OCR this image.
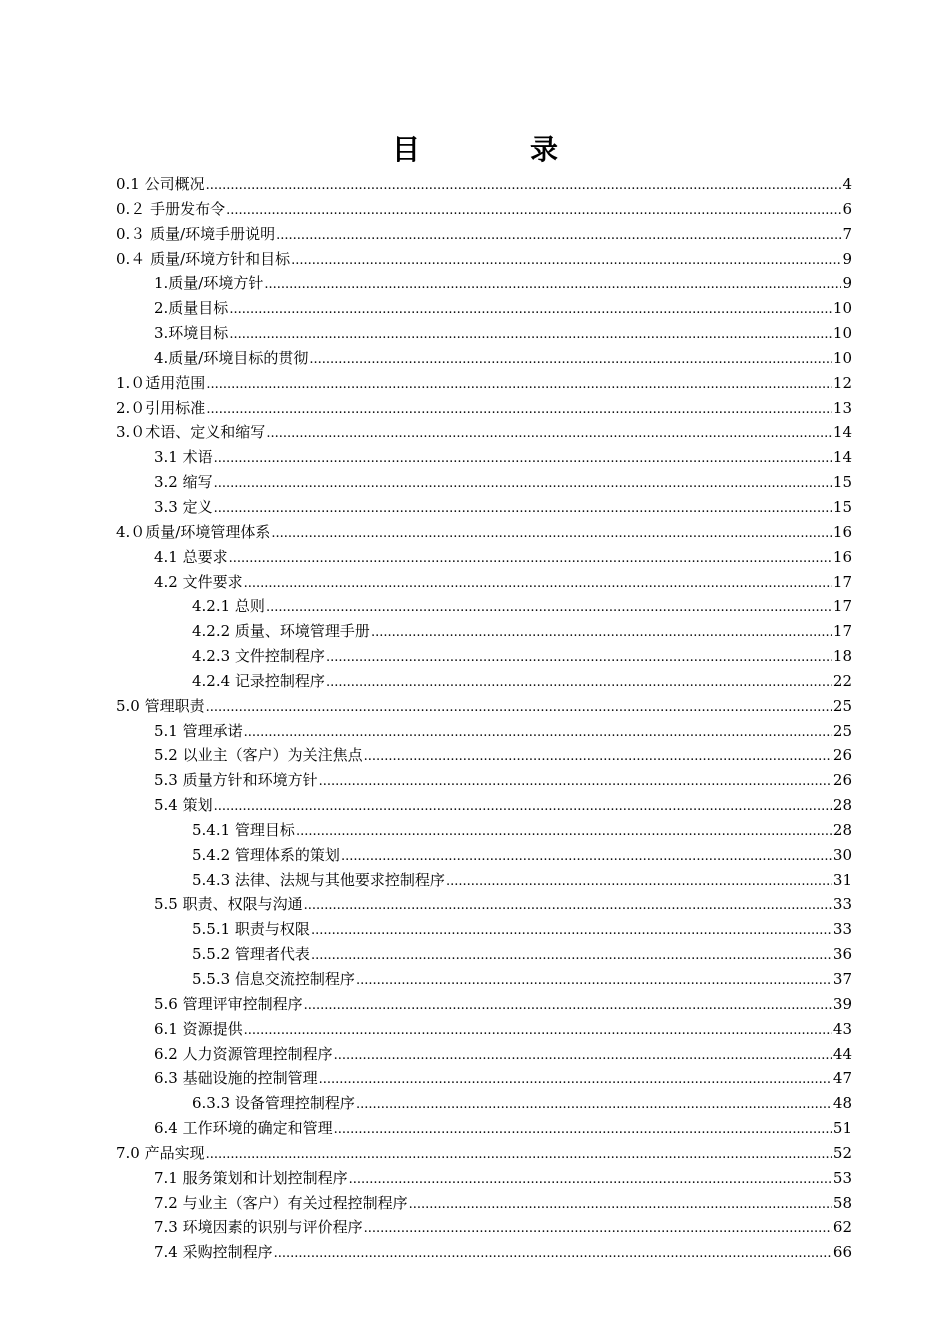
目录
0.1 公司概况 .....	4
0.２ 手册发布令 .....	6
0.３ 质量/环境手册说明 .....	7
0.４ 质量/环境方针和目标 .....	9
1.质量/环境方针 .....	9
2.质量目标 .....	10
3.环境目标 .....	10
4.质量/环境目标的贯彻 .....	10
1.０适用范围 .....	12
2.０引用标准 .....	13
3.０术语、定义和缩写 .....	14
3.1 术语 .....	14
3.2 缩写 .....	15
3.3 定义 .....	15
4.０质量/环境管理体系 .....	16
4.1 总要求 .....	16
4.2 文件要求 .....	17
4.2.1 总则 .....	17
4.2.2 质量、环境管理手册 .....	17
4.2.3 文件控制程序 .....	18
4.2.4 记录控制程序 .....	22
5.0 管理职责 .....	25
5.1 管理承诺 .....	25
5.2 以业主（客户）为关注焦点 .....	26
5.3 质量方针和环境方针 .....	26
5.4 策划 .....	28
5.4.1 管理目标 .....	28
5.4.2 管理体系的策划 .....	30
5.4.3 法律、法规与其他要求控制程序 .....	31
5.5 职责、权限与沟通 .....	33
5.5.1 职责与权限 .....	33
5.5.2 管理者代表 .....	36
5.5.3 信息交流控制程序 .....	37
5.6 管理评审控制程序 .....	39
6.1 资源提供 .....	43
6.2 人力资源管理控制程序 .....	44
6.3 基础设施的控制管理 .....	47
6.3.3 设备管理控制程序 .....	48
6.4 工作环境的确定和管理 .....	51
7.0 产品实现 .....	52
7.1 服务策划和计划控制程序 .....	53
7.2 与业主（客户）有关过程控制程序 .....	58
7.3 环境因素的识别与评价程序 .....	62
7.4 采购控制程序 .....	66
